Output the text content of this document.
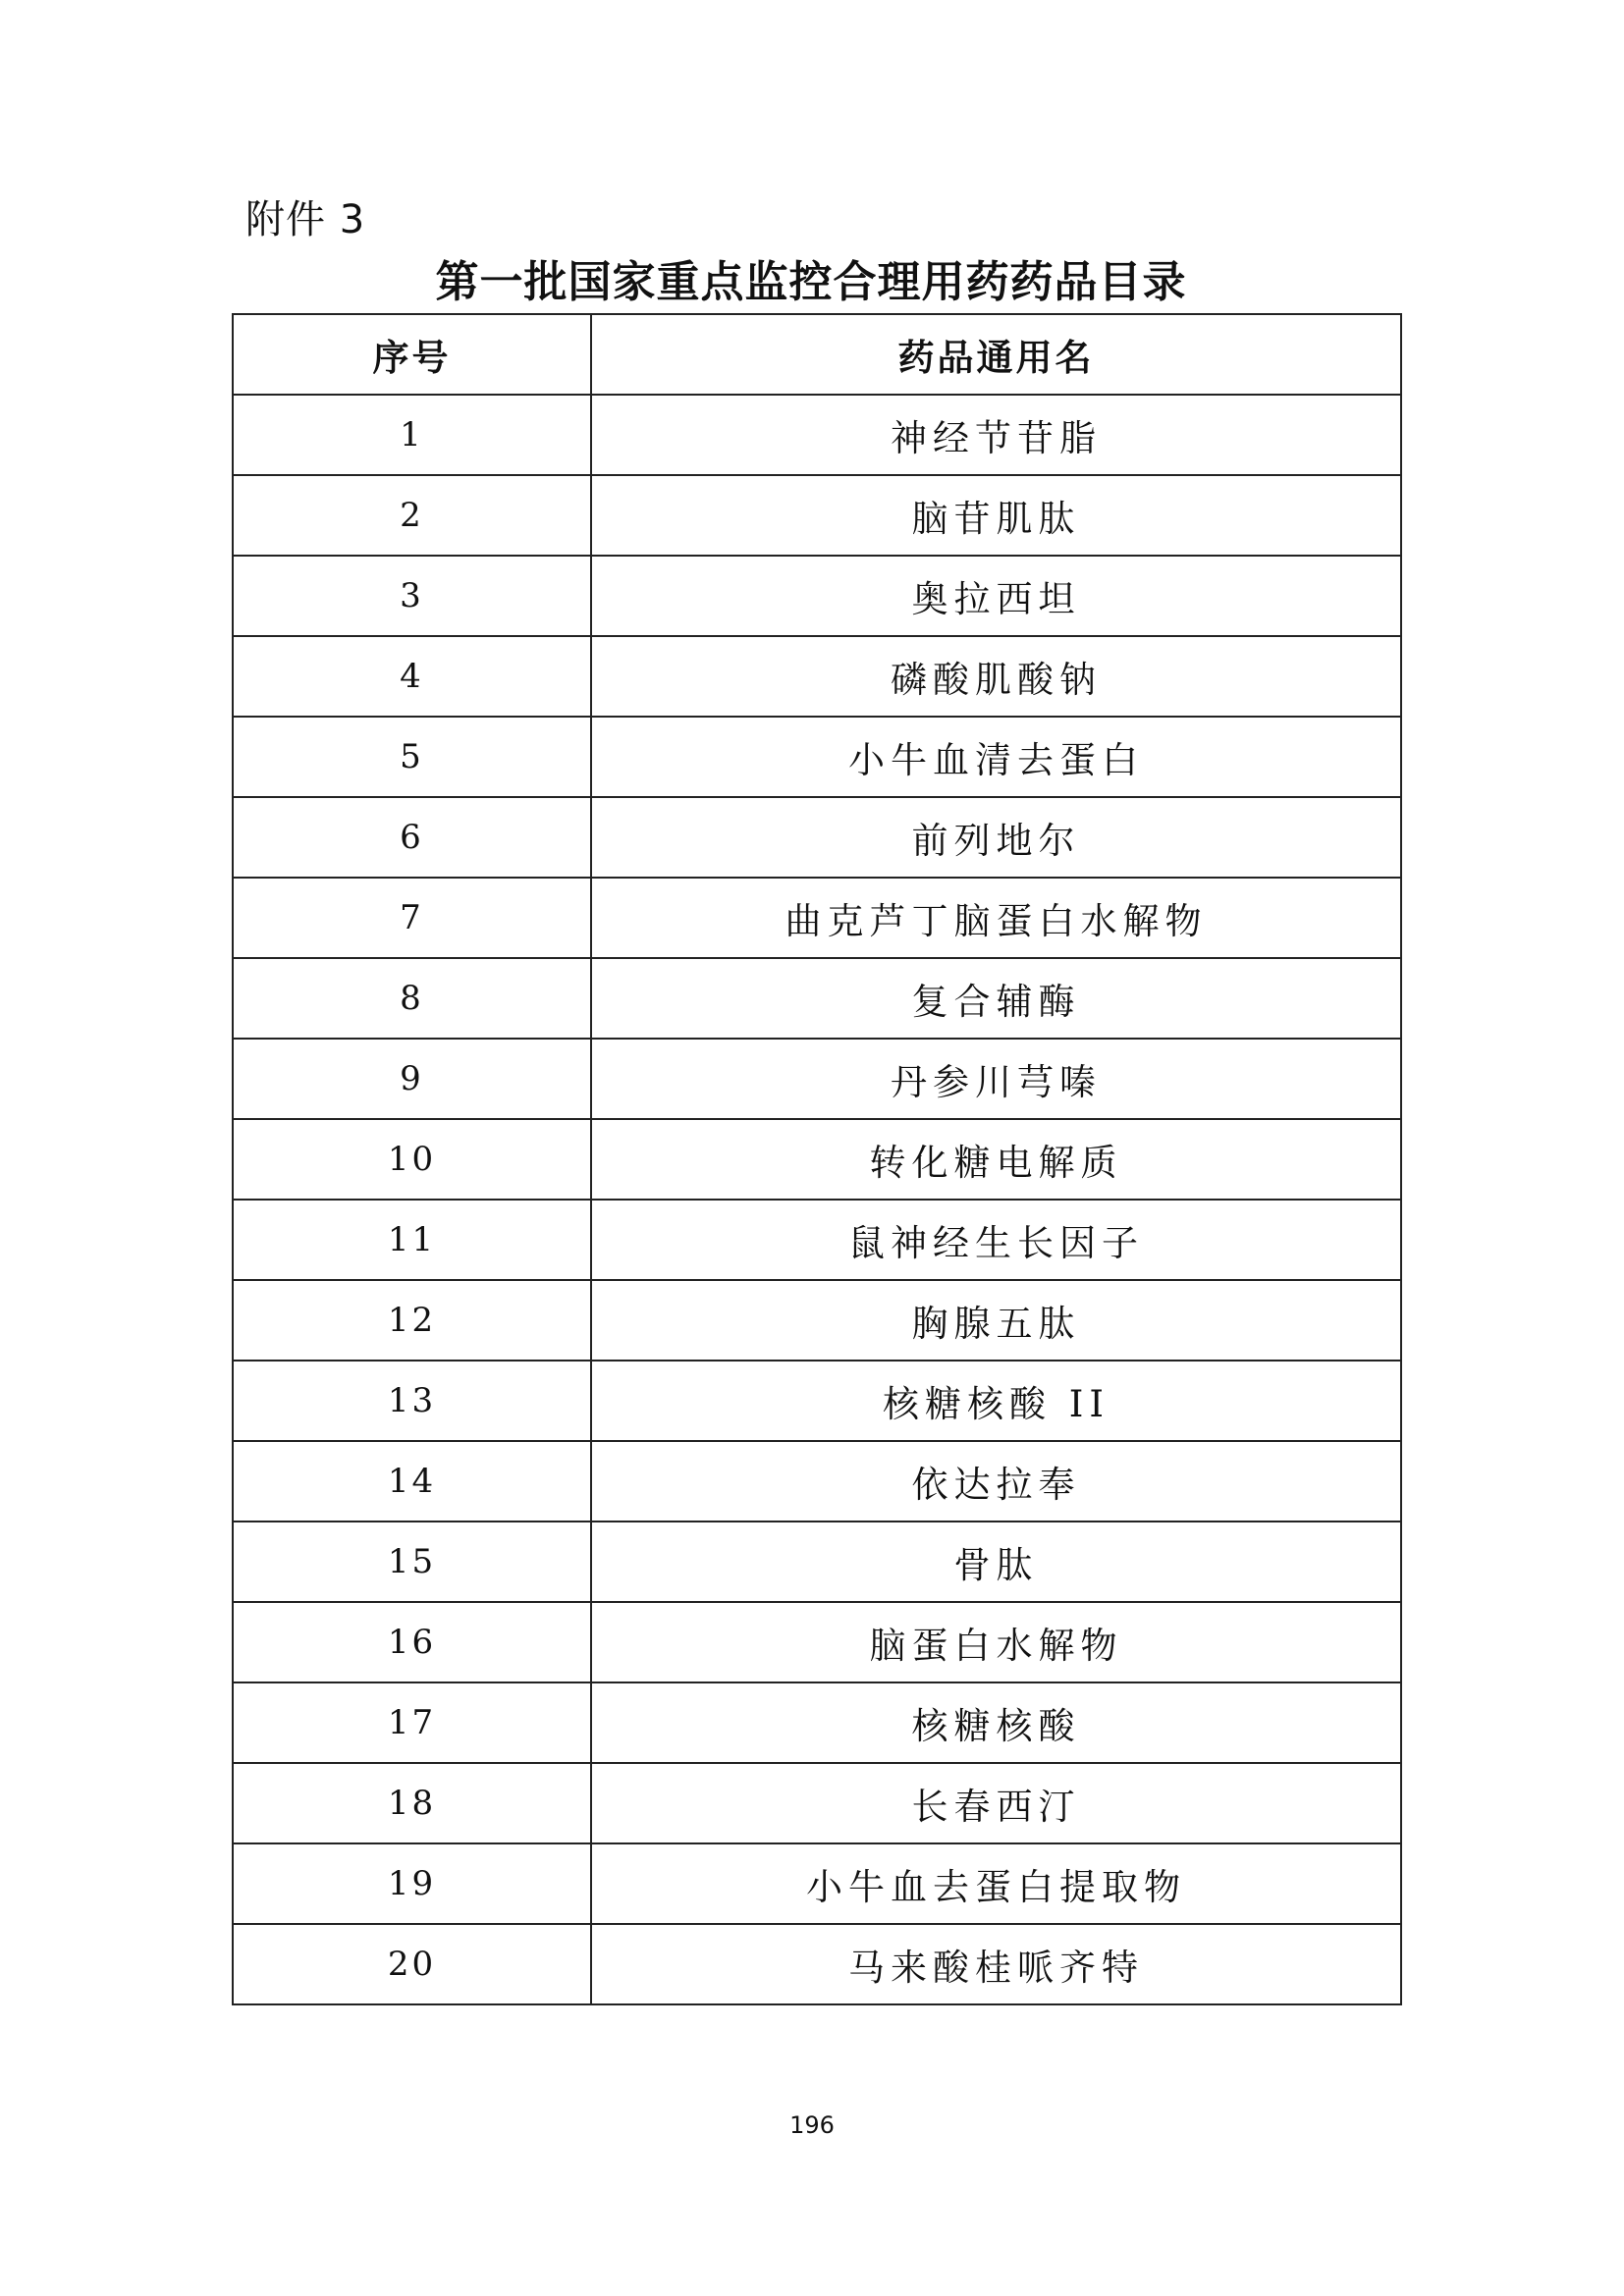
附件 3
第一批国家重点监控合理用药药品目录
序号	药品通用名
1	神经节苷脂
2	脑苷肌肽
3	奥拉西坦
4	磷酸肌酸钠
5	小牛血清去蛋白
6	前列地尔
7	曲克芦丁脑蛋白水解物
8	复合辅酶
9	丹参川芎嗪
10	转化糖电解质
11	鼠神经生长因子
12	胸腺五肽
13	核糖核酸 II
14	依达拉奉
15	骨肽
16	脑蛋白水解物
17	核糖核酸
18	长春西汀
19	小牛血去蛋白提取物
20	马来酸桂哌齐特
196
